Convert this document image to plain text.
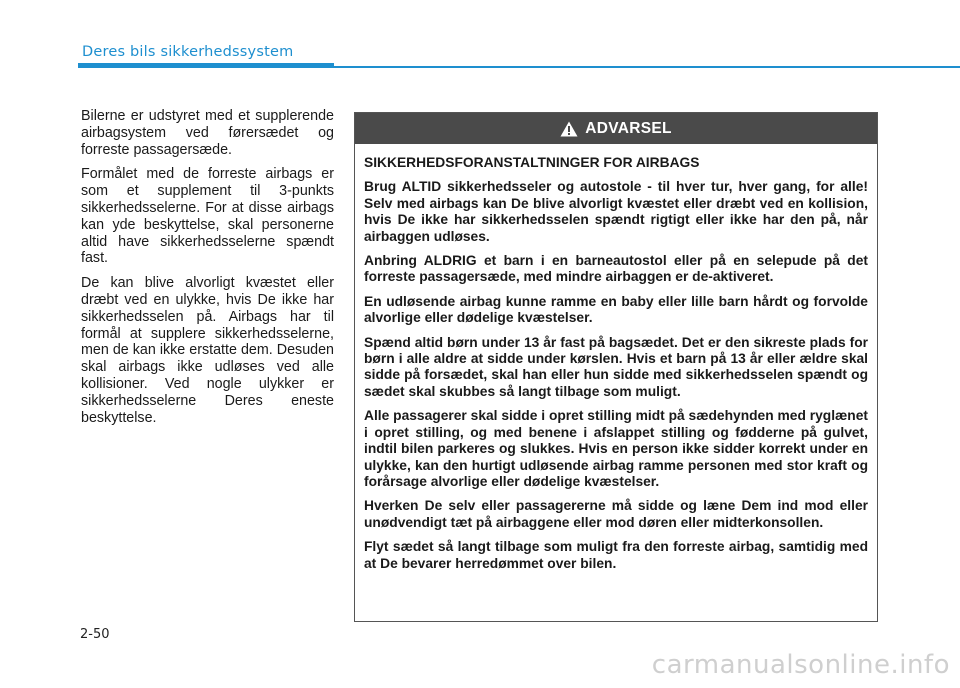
Deres bils sikkerhedssystem

Bilerne er udstyret med et supplerende airbagsystem ved førersædet og forreste passagersæde.

Formålet med de forreste airbags er som et supplement til 3-punkts sikkerhedsselerne. For at disse airbags kan yde beskyttelse, skal personerne altid have sikkerhedsselerne spændt fast.

De kan blive alvorligt kvæstet eller dræbt ved en ulykke, hvis De ikke har sikkerhedsselen på. Airbags har til formål at supplere sikkerhedsselerne, men de kan ikke erstatte dem. Desuden skal airbags ikke udløses ved alle kollisioner. Ved nogle ulykker er sikkerhedsselerne Deres eneste beskyttelse.

ADVARSEL

SIKKERHEDSFORANSTALTNINGER FOR AIRBAGS

Brug ALTID sikkerhedsseler og autostole - til hver tur, hver gang, for alle! Selv med airbags kan De blive alvorligt kvæstet eller dræbt ved en kollision, hvis De ikke har sikkerhedsselen spændt rigtigt eller ikke har den på, når airbaggen udløses.

Anbring ALDRIG et barn i en barneautostol eller på en selepude på det forreste passagersæde, med mindre airbaggen er de-aktiveret.

En udløsende airbag kunne ramme en baby eller lille barn hårdt og forvolde alvorlige eller dødelige kvæstelser.

Spænd altid børn under 13 år fast på bagsædet. Det er den sikreste plads for børn i alle aldre at sidde under kørslen. Hvis et barn på 13 år eller ældre skal sidde på forsædet, skal han eller hun sidde med sikkerhedsselen spændt og sædet skal skubbes så langt tilbage som muligt.

Alle passagerer skal sidde i opret stilling midt på sædehynden med ryglænet i opret stilling, og med benene i afslappet stilling og fødderne på gulvet, indtil bilen parkeres og slukkes. Hvis en person ikke sidder korrekt under en ulykke, kan den hurtigt udløsende airbag ramme personen med stor kraft og forårsage alvorlige eller dødelige kvæstelser.

Hverken De selv eller passagererne må sidde og læne Dem ind mod eller unødvendigt tæt på airbaggene eller mod døren eller midterkonsollen.

Flyt sædet så langt tilbage som muligt fra den forreste airbag, samtidig med at De bevarer herredømmet over bilen.

2-50
carmanualsonline.info
